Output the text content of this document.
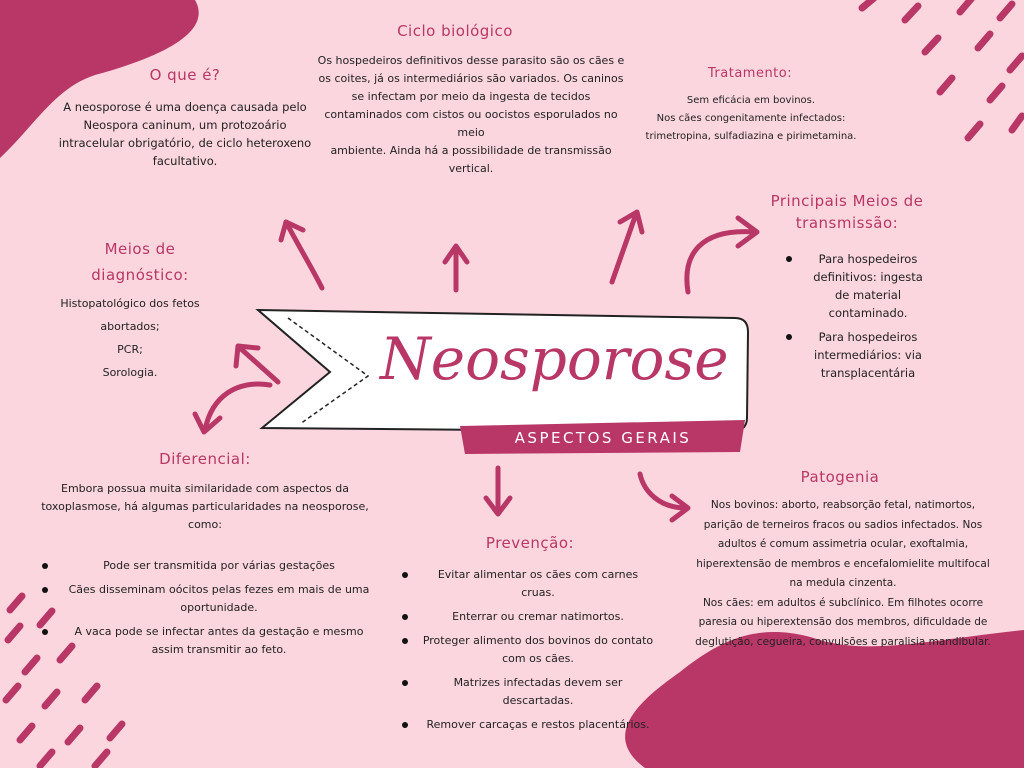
Neosporose
ASPECTOS GERAIS
O que é?
A neosporose é uma doença causada pelo
Neospora caninum, um protozoário
intracelular obrigatório, de ciclo heteroxeno
facultativo.
Ciclo biológico
Os hospedeiros definitivos desse parasito são os cães e
os coites, já os intermediários são variados. Os caninos
se infectam por meio da ingesta de tecidos
contaminados com cistos ou oocistos esporulados no meio
ambiente. Ainda há a possibilidade de transmissão
vertical.
Tratamento:
Sem eficácia em bovinos.
Nos cães congenitamente infectados:
trimetropina, sulfadiazina e pirimetamina.
Principais Meios de
transmissão:
Para hospedeiros
definitivos: ingesta
de material
contaminado.
Para hospedeiros
intermediários: via
transplacentária
Meios de
diagnóstico:
Histopatológico dos fetos abortados;
PCR;
Sorologia.
Diferencial:
Embora possua muita similaridade com aspectos da
toxoplasmose, há algumas particularidades na neosporose,
como:
Pode ser transmitida por várias gestações
Cães disseminam oócitos pelas fezes em mais de uma
oportunidade.
A vaca pode se infectar antes da gestação e mesmo
assim transmitir ao feto.
Prevenção:
Evitar alimentar os cães com carnes cruas.
Enterrar ou cremar natimortos.
Proteger alimento dos bovinos do contato
com os cães.
Matrizes infectadas devem ser
descartadas.
Remover carcaças e restos placentários.
Patogenia
Nos bovinos: aborto, reabsorção fetal, natimortos,
parição de terneiros fracos ou sadios infectados. Nos
adultos é comum assimetria ocular, exoftalmia,
hiperextensão de membros e encefalomielite multifocal
na medula cinzenta.
Nos cães: em adultos é subclínico. Em filhotes ocorre
paresia ou hiperextensão dos membros, dificuldade de
deglutição, cegueira, convulsões e paralisia mandibular.
